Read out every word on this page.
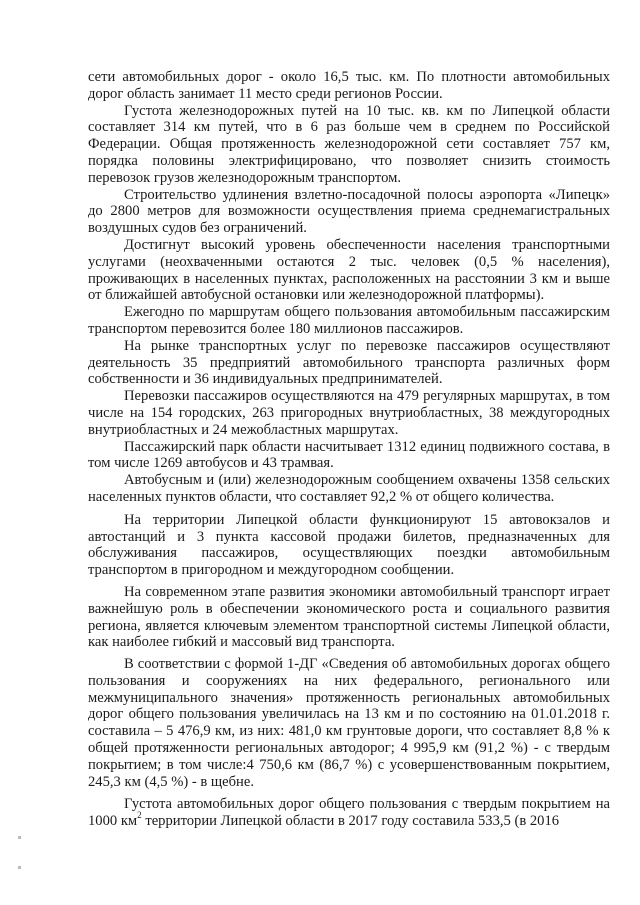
сети автомобильных дорог - около 16,5 тыс. км. По плотности автомобильных дорог область занимает 11 место среди регионов России.

Густота железнодорожных путей на 10 тыс. кв. км по Липецкой области составляет 314 км путей, что в 6 раз больше чем в среднем по Российской Федерации. Общая протяженность железнодорожной сети составляет 757 км, порядка половины электрифицировано, что позволяет снизить стоимость перевозок грузов железнодорожным транспортом.

Строительство удлинения взлетно-посадочной полосы аэропорта «Липецк» до 2800 метров для возможности осуществления приема среднемагистральных воздушных судов без ограничений.

Достигнут высокий уровень обеспеченности населения транспортными услугами (неохваченными остаются 2 тыс. человек (0,5 % населения), проживающих в населенных пунктах, расположенных на расстоянии 3 км и выше от ближайшей автобусной остановки или железнодорожной платформы).

Ежегодно по маршрутам общего пользования автомобильным пассажирским транспортом перевозится более 180 миллионов пассажиров.

На рынке транспортных услуг по перевозке пассажиров осуществляют деятельность 35 предприятий автомобильного транспорта различных форм собственности и 36 индивидуальных предпринимателей.

Перевозки пассажиров осуществляются на 479 регулярных маршрутах, в том числе на 154 городских, 263 пригородных внутриобластных, 38 междугородных внутриобластных и 24 межобластных маршрутах.

Пассажирский парк области насчитывает 1312 единиц подвижного состава, в том числе 1269 автобусов и 43 трамвая.

Автобусным и (или) железнодорожным сообщением охвачены 1358 сельских населенных пунктов области, что составляет 92,2 % от общего количества.

На территории Липецкой области функционируют 15 автовокзалов и автостанций и 3 пункта кассовой продажи билетов, предназначенных для обслуживания пассажиров, осуществляющих поездки автомобильным транспортом в пригородном и междугородном сообщении.

На современном этапе развития экономики автомобильный транспорт играет важнейшую роль в обеспечении экономического роста и социального развития региона, является ключевым элементом транспортной системы Липецкой области, как наиболее гибкий и массовый вид транспорта.

В соответствии с формой 1-ДГ «Сведения об автомобильных дорогах общего пользования и сооружениях на них федерального, регионального или межмуниципального значения» протяженность региональных автомобильных дорог общего пользования увеличилась на 13 км и по состоянию на 01.01.2018 г. составила – 5 476,9 км, из них: 481,0 км грунтовые дороги, что составляет 8,8 % к общей протяженности региональных автодорог; 4 995,9 км (91,2 %) - с твердым покрытием; в том числе:4 750,6 км (86,7 %) с усовершенствованным покрытием, 245,3 км (4,5 %) - в щебне.

Густота автомобильных дорог общего пользования с твердым покрытием на 1000 $км^2$ территории Липецкой области в 2017 году составила 533,5 (в 2016
